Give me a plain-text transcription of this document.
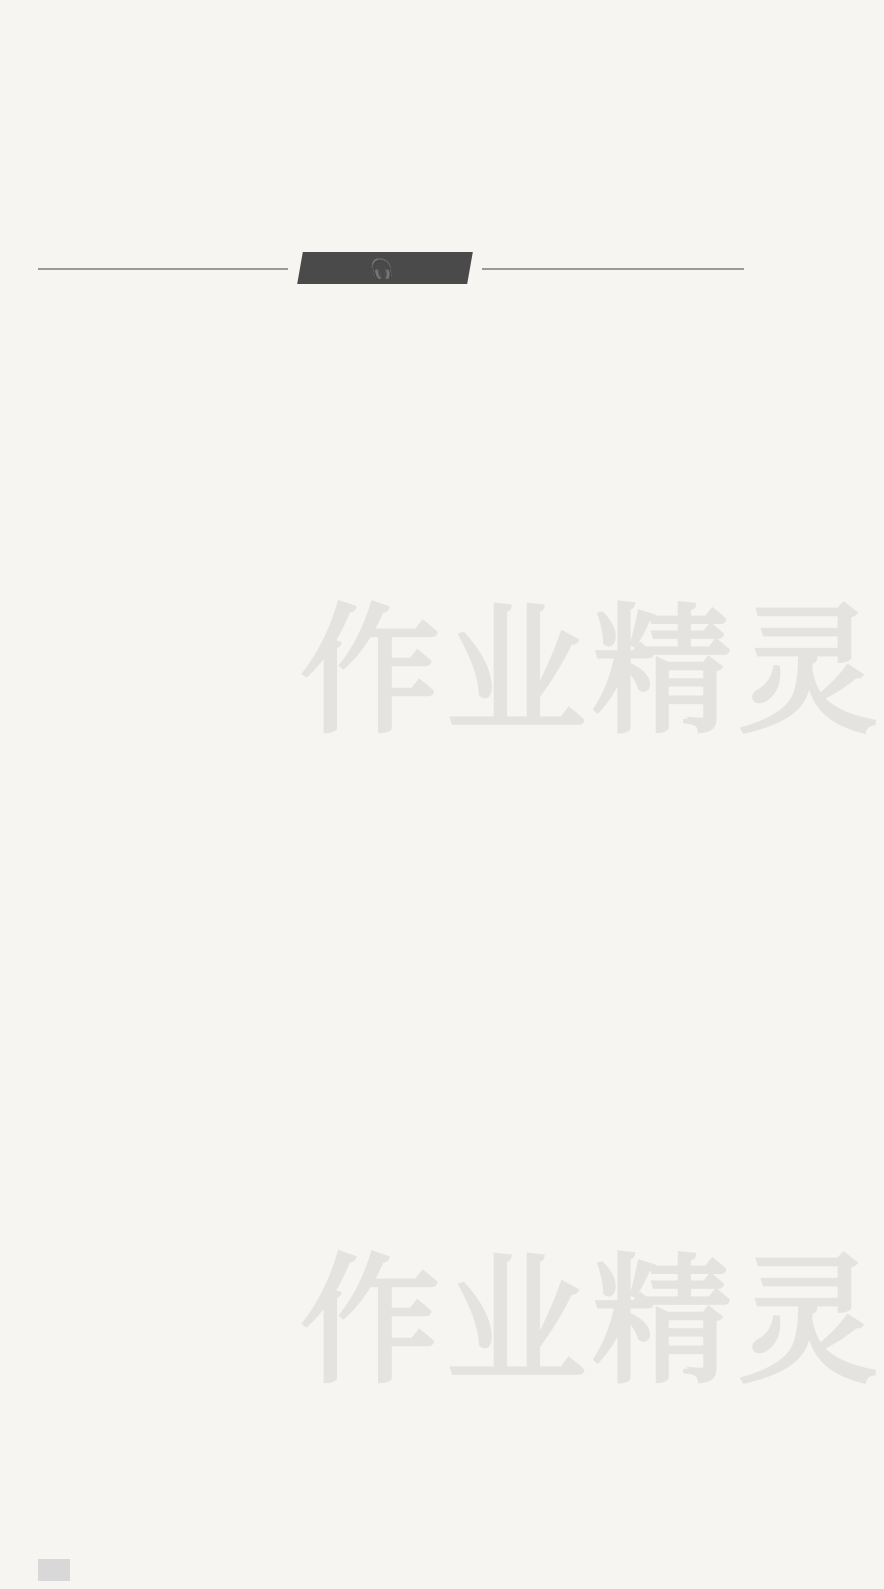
🎧
作业精灵
作业精灵
